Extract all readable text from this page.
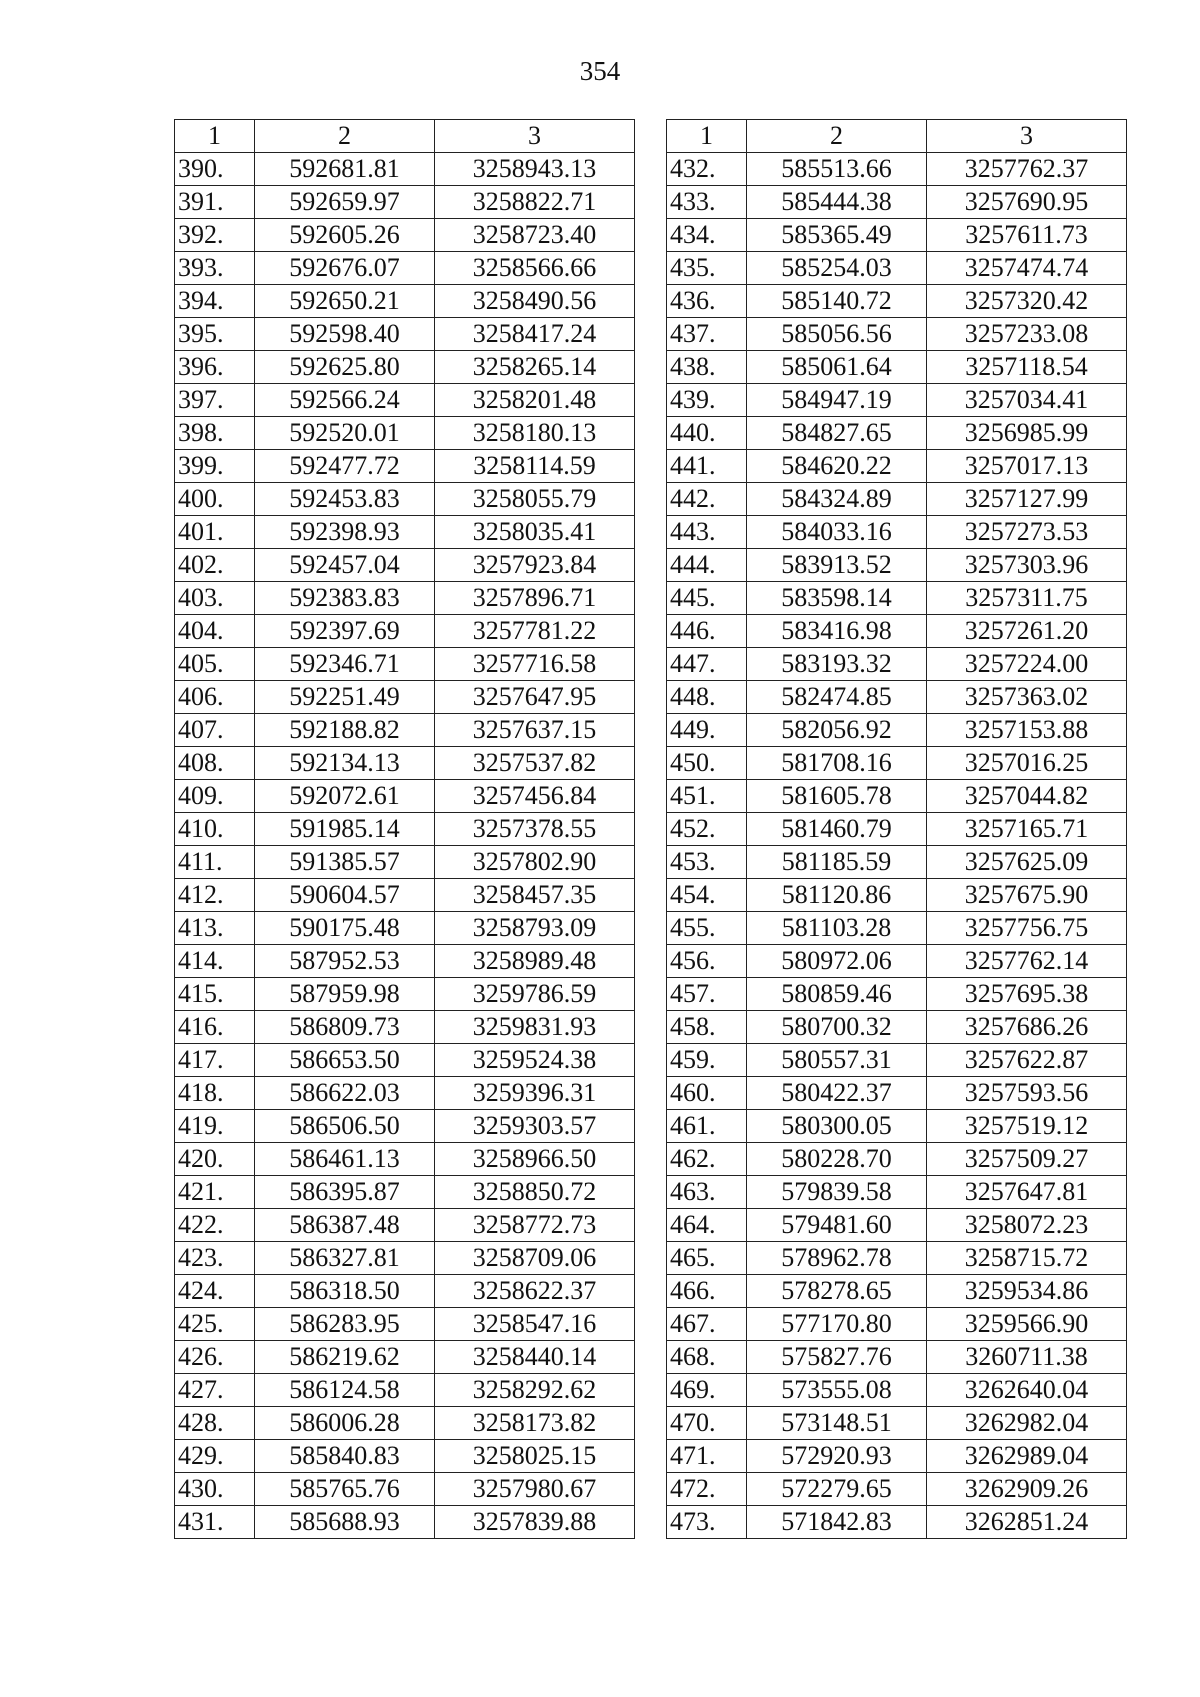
354
1	2	3
390.	592681.81	3258943.13
391.	592659.97	3258822.71
392.	592605.26	3258723.40
393.	592676.07	3258566.66
394.	592650.21	3258490.56
395.	592598.40	3258417.24
396.	592625.80	3258265.14
397.	592566.24	3258201.48
398.	592520.01	3258180.13
399.	592477.72	3258114.59
400.	592453.83	3258055.79
401.	592398.93	3258035.41
402.	592457.04	3257923.84
403.	592383.83	3257896.71
404.	592397.69	3257781.22
405.	592346.71	3257716.58
406.	592251.49	3257647.95
407.	592188.82	3257637.15
408.	592134.13	3257537.82
409.	592072.61	3257456.84
410.	591985.14	3257378.55
411.	591385.57	3257802.90
412.	590604.57	3258457.35
413.	590175.48	3258793.09
414.	587952.53	3258989.48
415.	587959.98	3259786.59
416.	586809.73	3259831.93
417.	586653.50	3259524.38
418.	586622.03	3259396.31
419.	586506.50	3259303.57
420.	586461.13	3258966.50
421.	586395.87	3258850.72
422.	586387.48	3258772.73
423.	586327.81	3258709.06
424.	586318.50	3258622.37
425.	586283.95	3258547.16
426.	586219.62	3258440.14
427.	586124.58	3258292.62
428.	586006.28	3258173.82
429.	585840.83	3258025.15
430.	585765.76	3257980.67
431.	585688.93	3257839.88
1	2	3
432.	585513.66	3257762.37
433.	585444.38	3257690.95
434.	585365.49	3257611.73
435.	585254.03	3257474.74
436.	585140.72	3257320.42
437.	585056.56	3257233.08
438.	585061.64	3257118.54
439.	584947.19	3257034.41
440.	584827.65	3256985.99
441.	584620.22	3257017.13
442.	584324.89	3257127.99
443.	584033.16	3257273.53
444.	583913.52	3257303.96
445.	583598.14	3257311.75
446.	583416.98	3257261.20
447.	583193.32	3257224.00
448.	582474.85	3257363.02
449.	582056.92	3257153.88
450.	581708.16	3257016.25
451.	581605.78	3257044.82
452.	581460.79	3257165.71
453.	581185.59	3257625.09
454.	581120.86	3257675.90
455.	581103.28	3257756.75
456.	580972.06	3257762.14
457.	580859.46	3257695.38
458.	580700.32	3257686.26
459.	580557.31	3257622.87
460.	580422.37	3257593.56
461.	580300.05	3257519.12
462.	580228.70	3257509.27
463.	579839.58	3257647.81
464.	579481.60	3258072.23
465.	578962.78	3258715.72
466.	578278.65	3259534.86
467.	577170.80	3259566.90
468.	575827.76	3260711.38
469.	573555.08	3262640.04
470.	573148.51	3262982.04
471.	572920.93	3262989.04
472.	572279.65	3262909.26
473.	571842.83	3262851.24
